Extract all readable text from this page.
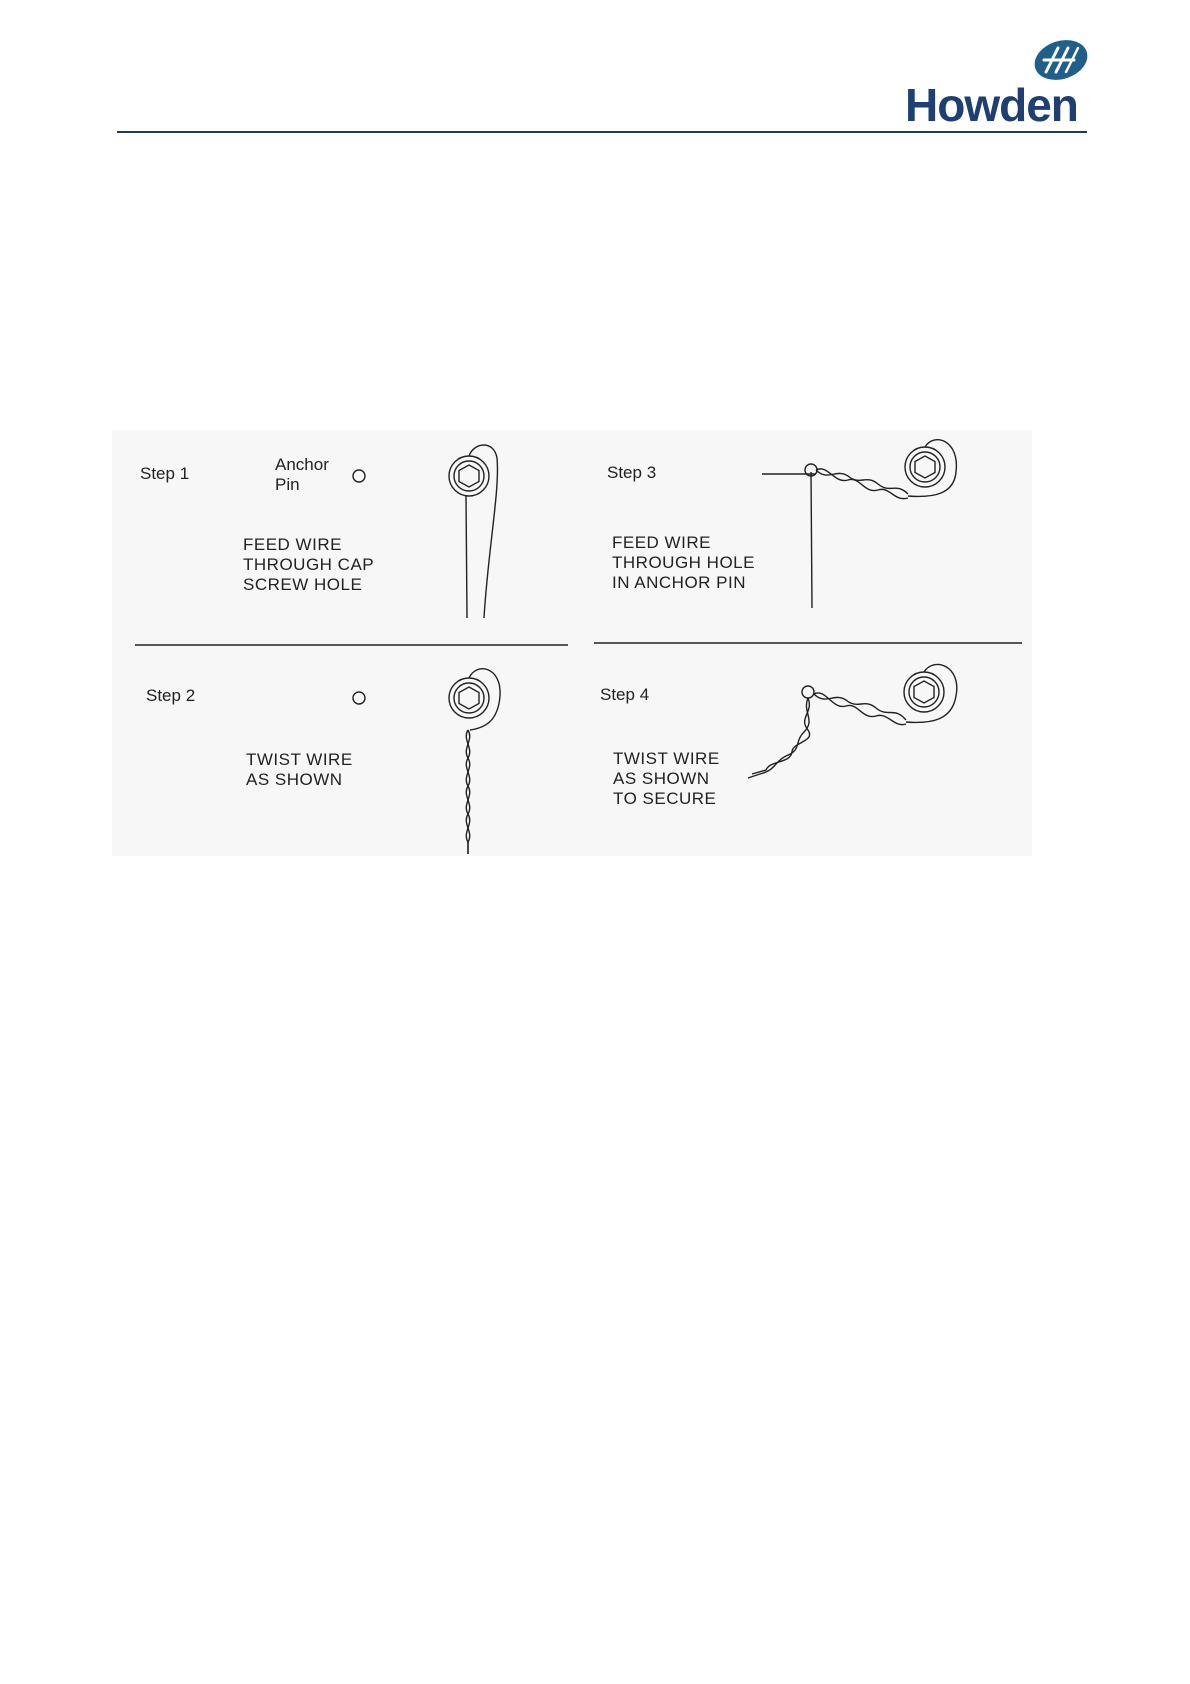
Howden
Step 1	Anchor
Pin
FEED WIRE
THROUGH CAP
SCREW HOLE
Step 3
FEED WIRE
THROUGH HOLE
IN ANCHOR PIN
Step 2
TWIST WIRE
AS SHOWN
Step 4
TWIST WIRE
AS SHOWN
TO SECURE
